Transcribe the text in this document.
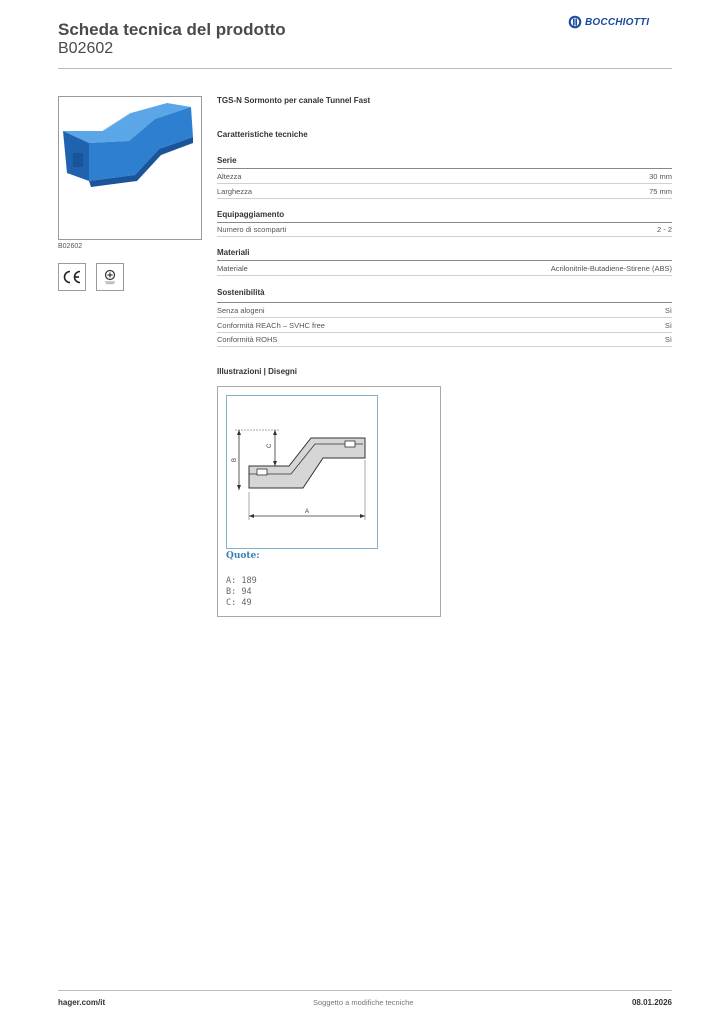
Scheda tecnica del prodotto
B02602
BOCCHIOTTI
B02602
TGS-N Sormonto per canale Tunnel Fast
Caratteristiche tecniche
Serie
Altezza	30 mm
Larghezza	75 mm
Equipaggiamento
Numero di scomparti	2 - 2
Materiali
Materiale	Acrilonitrile-Butadiene-Stirene (ABS)
Sostenibilità
Senza alogeni	Sì
Conformità REACh – SVHC free	Sì
Conformità ROHS	Sì
Illustrazioni | Disegni
B
C
A
Quote:
A: 189
B: 94
C: 49
hager.com/it	Soggetto a modifiche tecniche	08.01.2026
